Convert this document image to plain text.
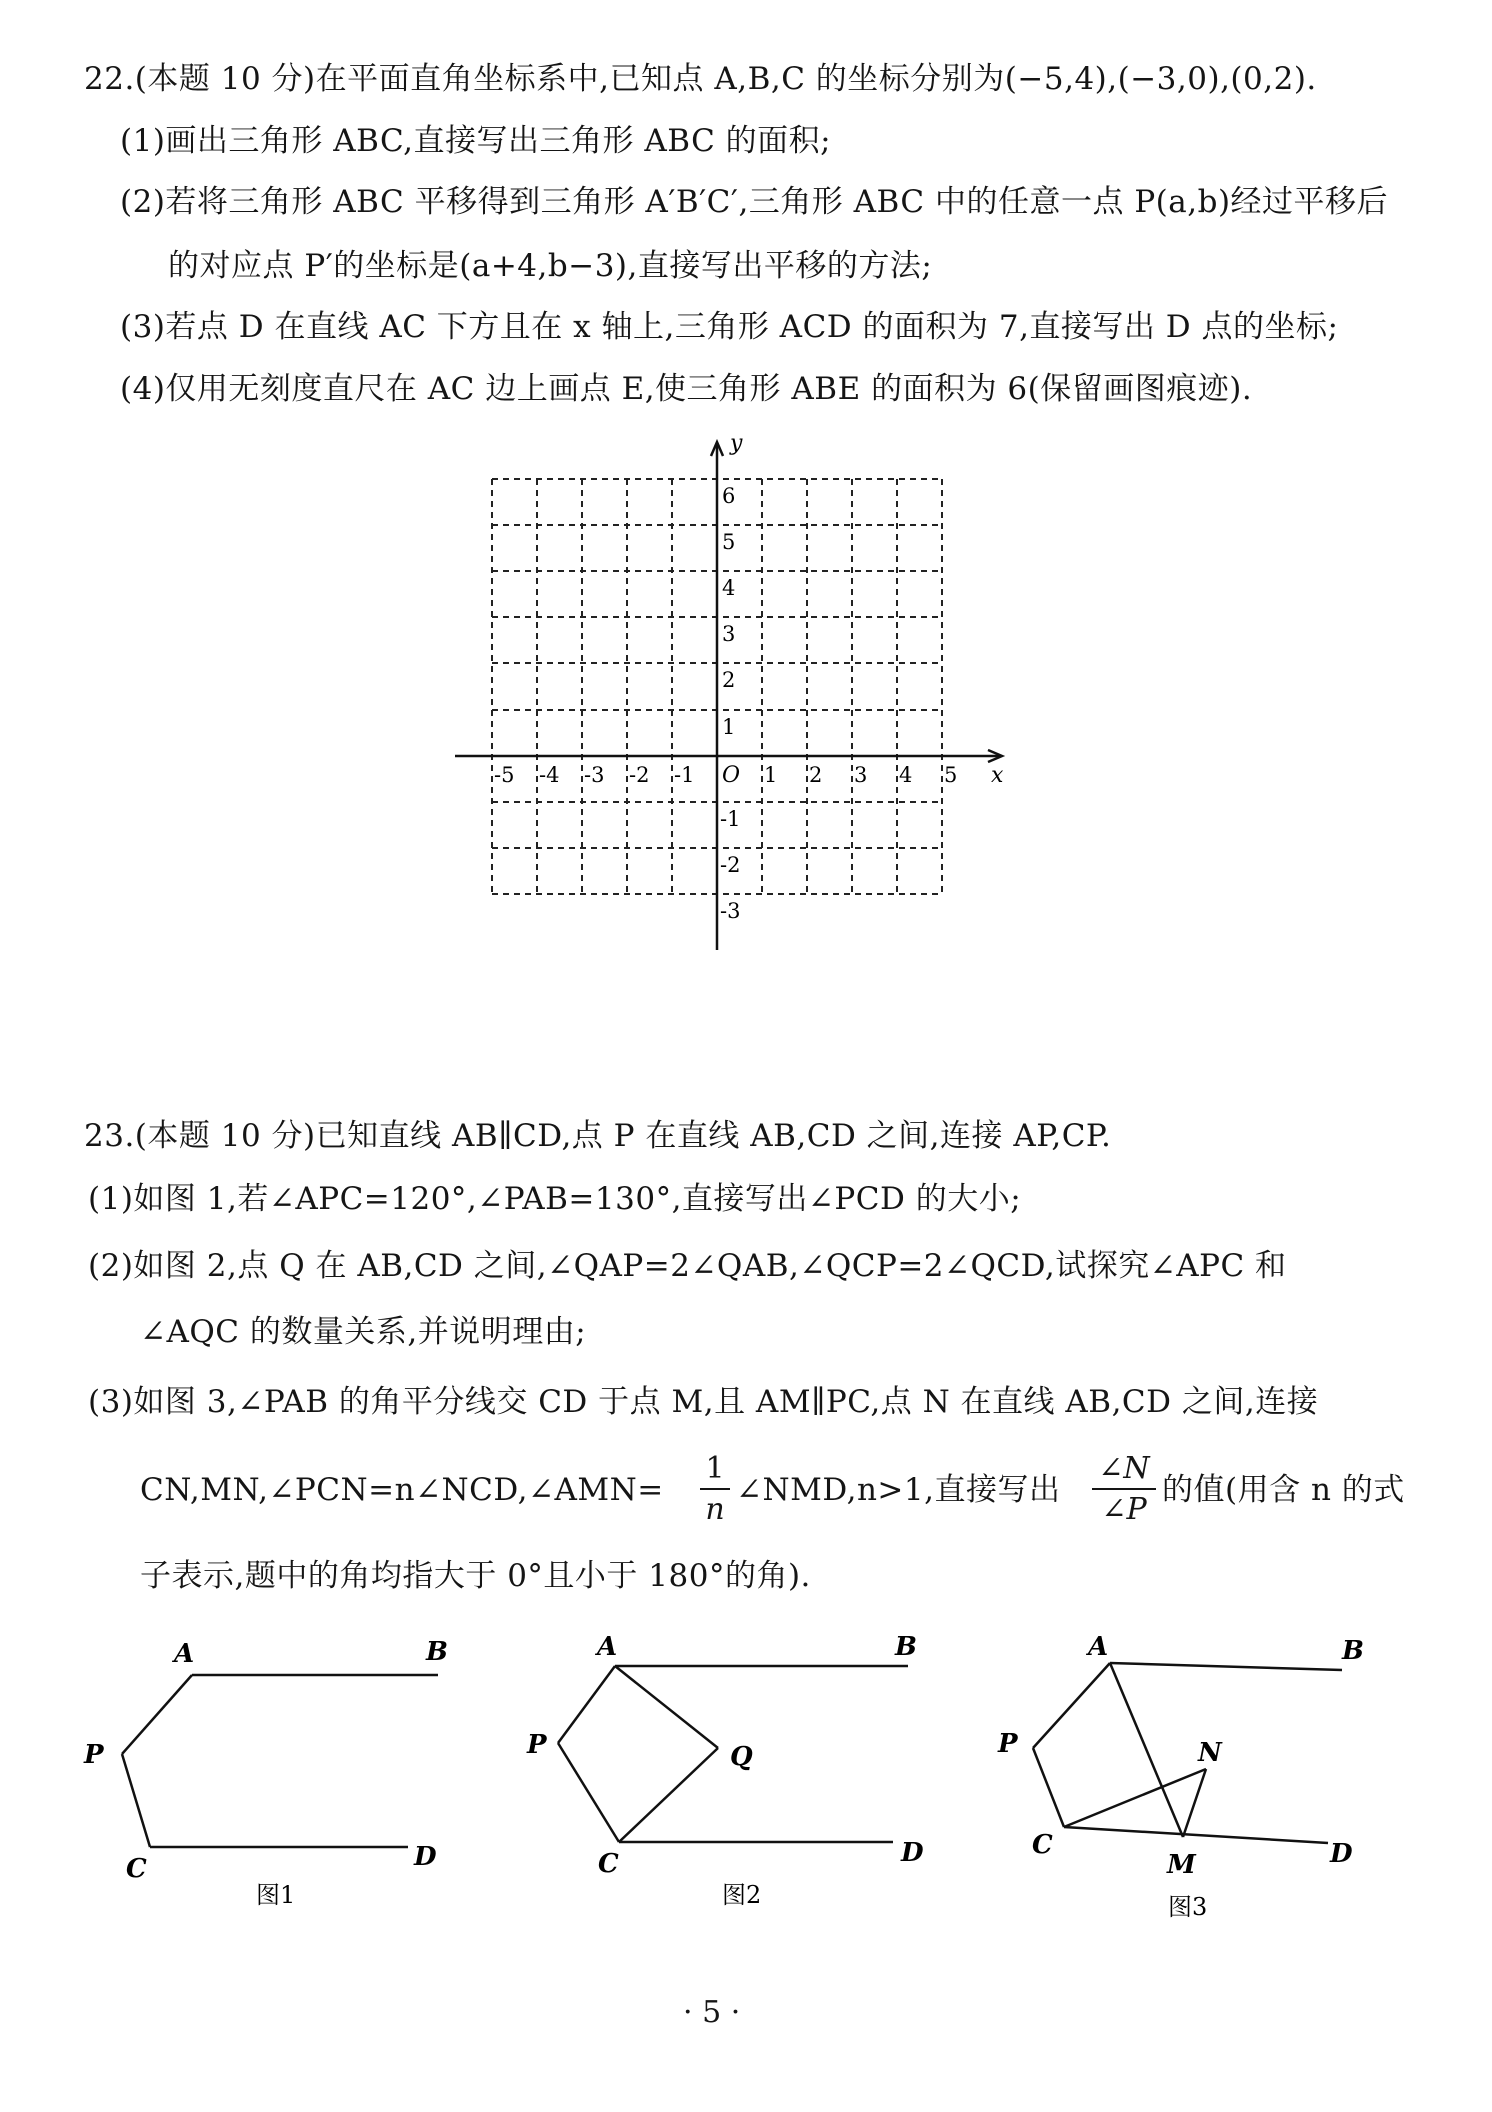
22.(本题 10 分)在平面直角坐标系中,已知点 A,B,C 的坐标分别为(−5,4),(−3,0),(0,2).
(1)画出三角形 ABC,直接写出三角形 ABC 的面积;
(2)若将三角形 ABC 平移得到三角形 A′B′C′,三角形 ABC 中的任意一点 P(a,b)经过平移后
的对应点 P′的坐标是(a+4,b−3),直接写出平移的方法;
(3)若点 D 在直线 AC 下方且在 x 轴上,三角形 ACD 的面积为 7,直接写出 D 点的坐标;
(4)仅用无刻度直尺在 AC 边上画点 E,使三角形 ABE 的面积为 6(保留画图痕迹).
y
x
O
-5 -4 -3 -2 -1	1 2 3 4 5
6
5
4
3
2
1
-1
-2
-3
23.(本题 10 分)已知直线 AB∥CD,点 P 在直线 AB,CD 之间,连接 AP,CP.
(1)如图 1,若∠APC=120°,∠PAB=130°,直接写出∠PCD 的大小;
(2)如图 2,点 Q 在 AB,CD 之间,∠QAP=2∠QAB,∠QCP=2∠QCD,试探究∠APC 和
∠AQC 的数量关系,并说明理由;
(3)如图 3,∠PAB 的角平分线交 CD 于点 M,且 AM∥PC,点 N 在直线 AB,CD 之间,连接
CN,MN,∠PCN=n∠NCD,∠AMN= $\frac{1}{n}$ ∠NMD,n>1,直接写出 $\frac{\angle N}{\angle P}$ 的值(用含 n 的式
子表示,题中的角均指大于 0°且小于 180°的角).
A	B
P
C	D
图1
A	B
P	Q
C	D
图2
A	B
P	N
C
M	D
图3
· 5 ·
